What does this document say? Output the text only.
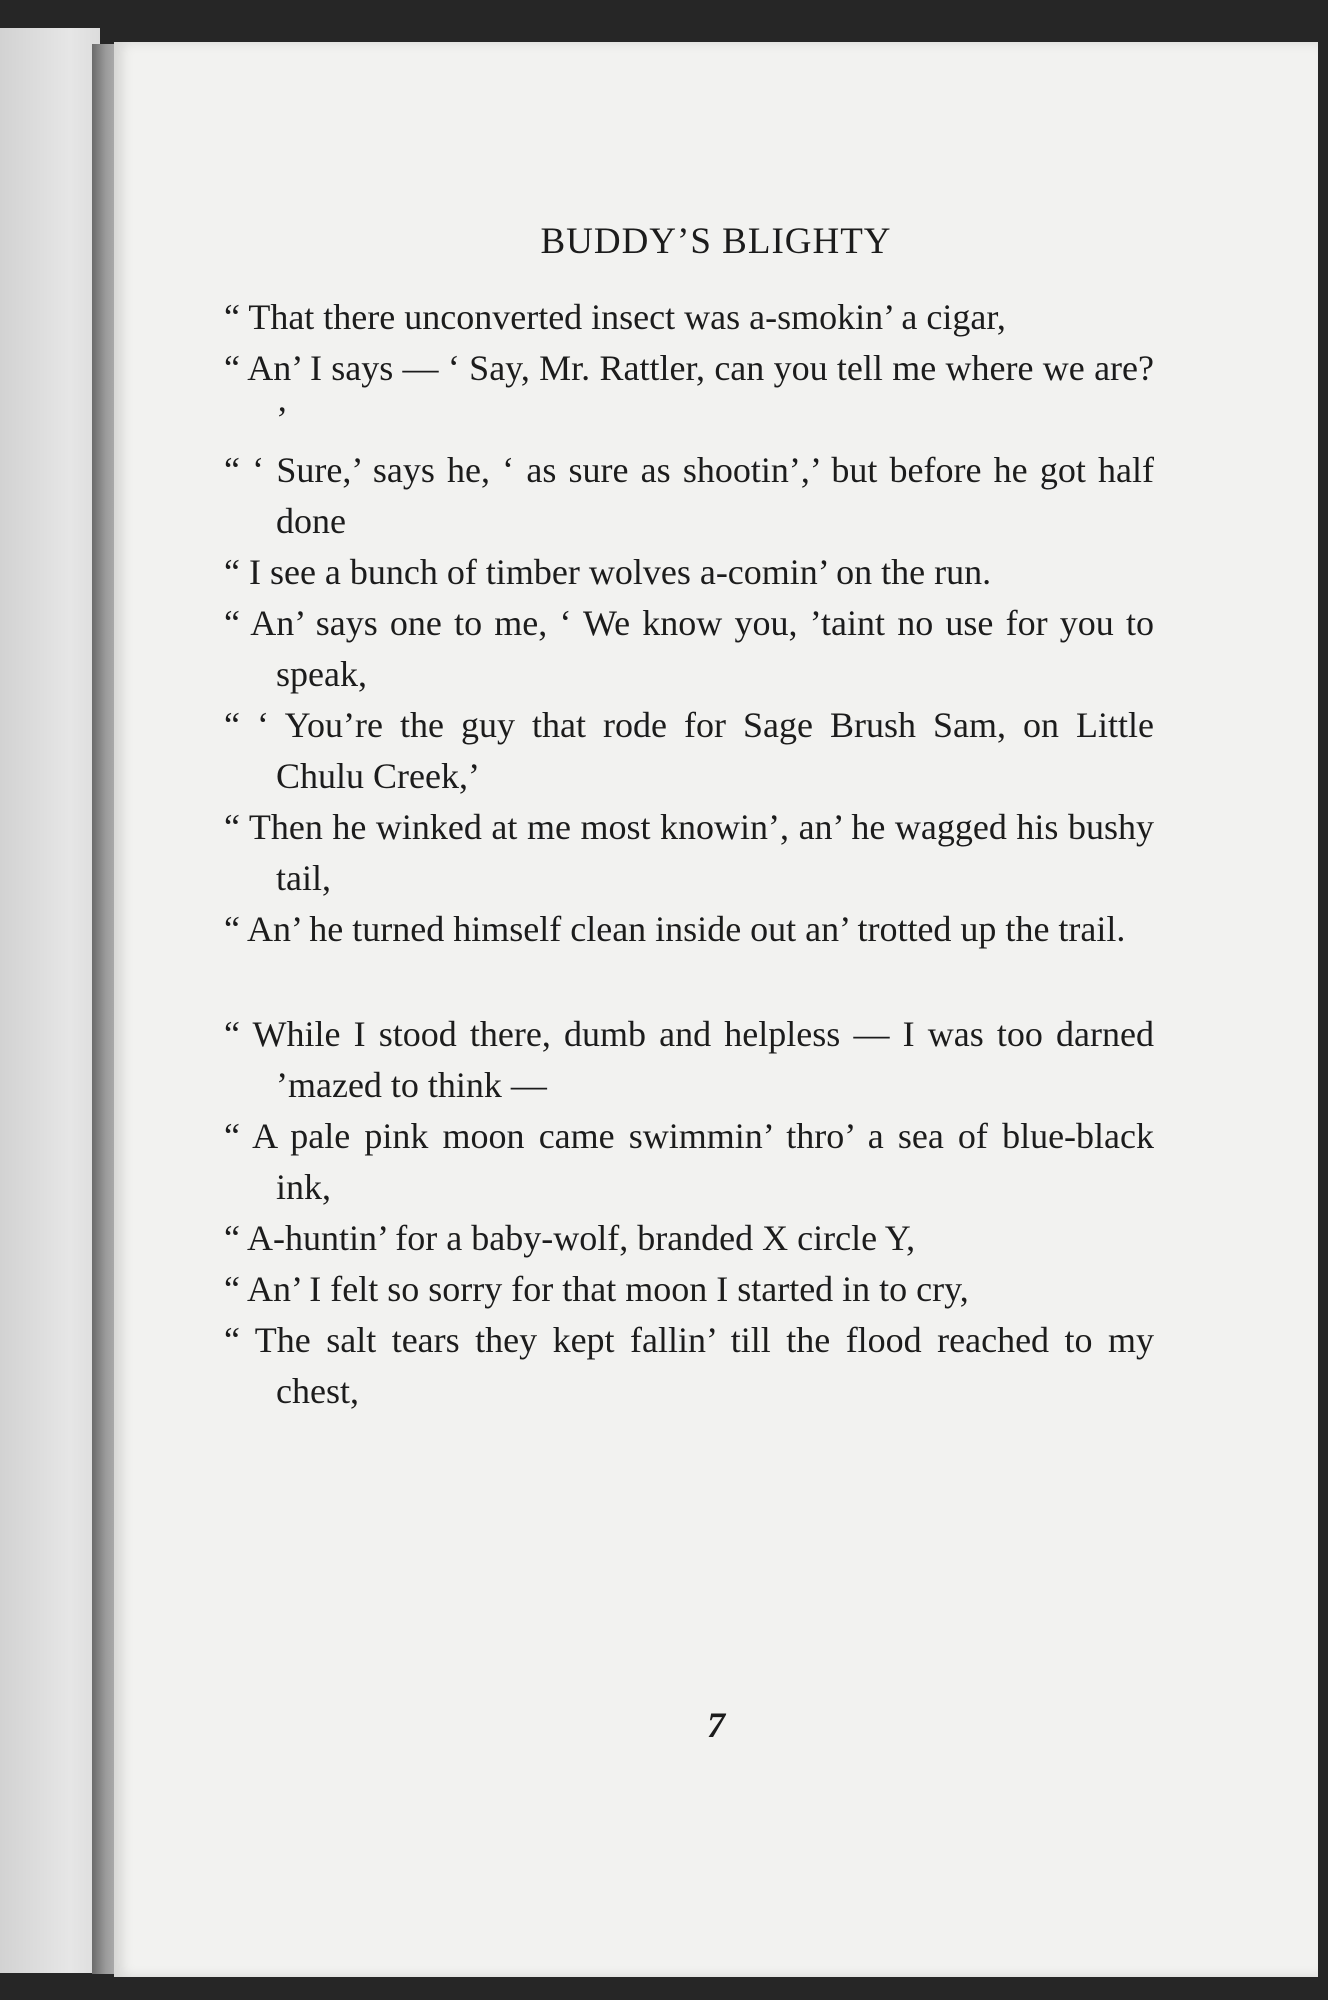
BUDDY’S BLIGHTY
“ That there unconverted insect was a-smokin’ a cigar,
“ An’ I says — ‘ Say, Mr. Rattler, can you tell me where we are? ’
“ ‘ Sure,’ says he, ‘ as sure as shootin’,’ but before he got half done
“ I see a bunch of timber wolves a-comin’ on the run.
“ An’ says one to me, ‘ We know you, ’taint no use for you to speak,
“ ‘ You’re the guy that rode for Sage Brush Sam, on Little Chulu Creek,’
“ Then he winked at me most knowin’, an’ he wagged his bushy tail,
“ An’ he turned himself clean inside out an’ trotted up the trail.
“ While I stood there, dumb and helpless — I was too darned ’mazed to think —
“ A pale pink moon came swimmin’ thro’ a sea of blue-black ink,
“ A-huntin’ for a baby-wolf, branded X circle Y,
“ An’ I felt so sorry for that moon I started in to cry,
“ The salt tears they kept fallin’ till the flood reached to my chest,
7
